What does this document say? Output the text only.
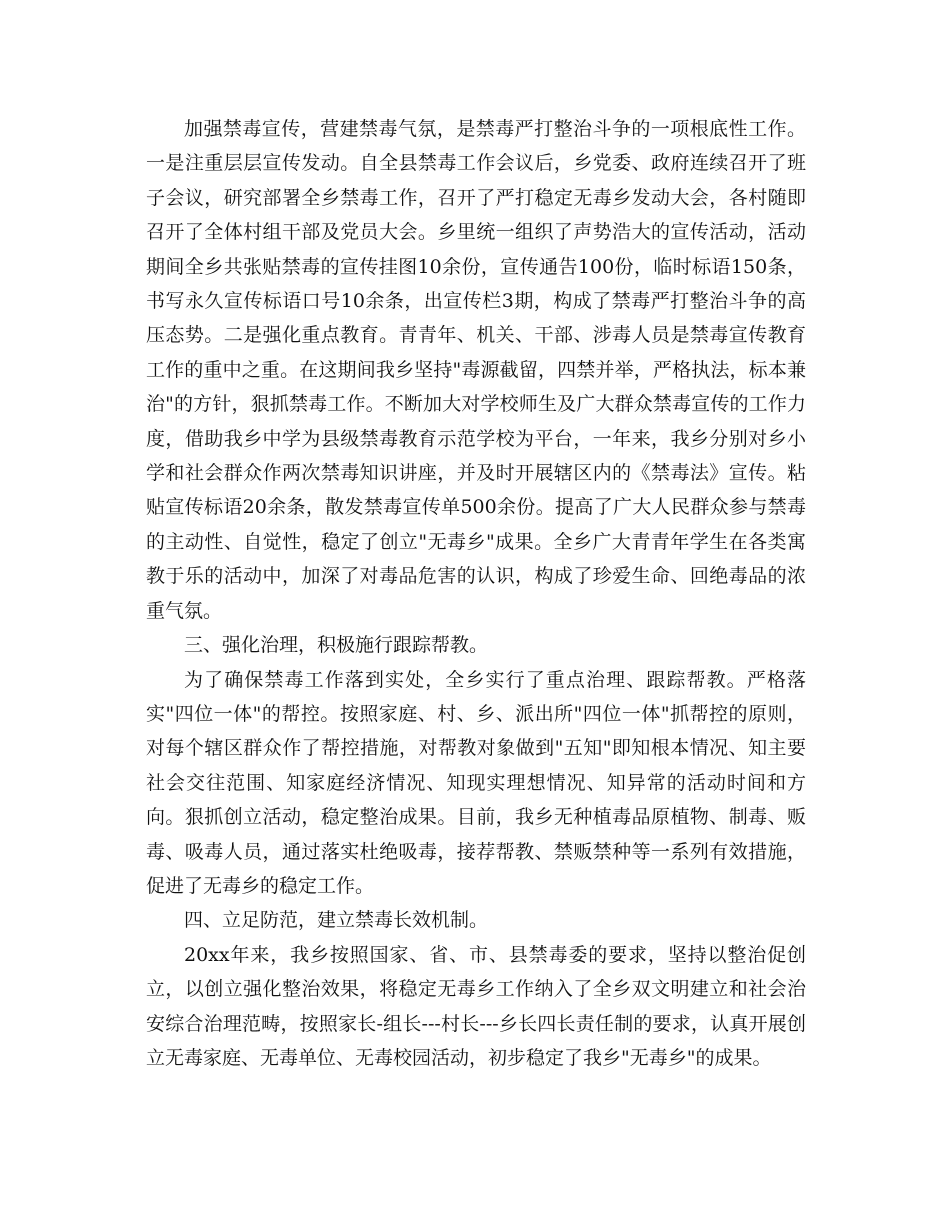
加强禁毒宣传，营建禁毒气氛，是禁毒严打整治斗争的一项根底性工作。一是注重层层宣传发动。自全县禁毒工作会议后，乡党委、政府连续召开了班子会议，研究部署全乡禁毒工作，召开了严打稳定无毒乡发动大会，各村随即召开了全体村组干部及党员大会。乡里统一组织了声势浩大的宣传活动，活动期间全乡共张贴禁毒的宣传挂图10余份，宣传通告100份，临时标语150条，书写永久宣传标语口号10余条，出宣传栏3期，构成了禁毒严打整治斗争的高压态势。二是强化重点教育。青青年、机关、干部、涉毒人员是禁毒宣传教育工作的重中之重。在这期间我乡坚持"毒源截留，四禁并举，严格执法，标本兼治"的方针，狠抓禁毒工作。不断加大对学校师生及广大群众禁毒宣传的工作力度，借助我乡中学为县级禁毒教育示范学校为平台，一年来，我乡分别对乡小学和社会群众作两次禁毒知识讲座，并及时开展辖区内的《禁毒法》宣传。粘贴宣传标语20余条，散发禁毒宣传单500余份。提高了广大人民群众参与禁毒的主动性、自觉性，稳定了创立"无毒乡"成果。全乡广大青青年学生在各类寓教于乐的活动中，加深了对毒品危害的认识，构成了珍爱生命、回绝毒品的浓重气氛。

三、强化治理，积极施行跟踪帮教。

为了确保禁毒工作落到实处，全乡实行了重点治理、跟踪帮教。严格落实"四位一体"的帮控。按照家庭、村、乡、派出所"四位一体"抓帮控的原则，对每个辖区群众作了帮控措施，对帮教对象做到"五知"即知根本情况、知主要社会交往范围、知家庭经济情况、知现实理想情况、知异常的活动时间和方向。狠抓创立活动，稳定整治成果。目前，我乡无种植毒品原植物、制毒、贩毒、吸毒人员，通过落实杜绝吸毒，接荐帮教、禁贩禁种等一系列有效措施，促进了无毒乡的稳定工作。

四、立足防范，建立禁毒长效机制。

20xx年来，我乡按照国家、省、市、县禁毒委的要求，坚持以整治促创立，以创立强化整治效果，将稳定无毒乡工作纳入了全乡双文明建立和社会治安综合治理范畴，按照家长-组长---村长---乡长四长责任制的要求，认真开展创立无毒家庭、无毒单位、无毒校园活动，初步稳定了我乡"无毒乡"的成果。
